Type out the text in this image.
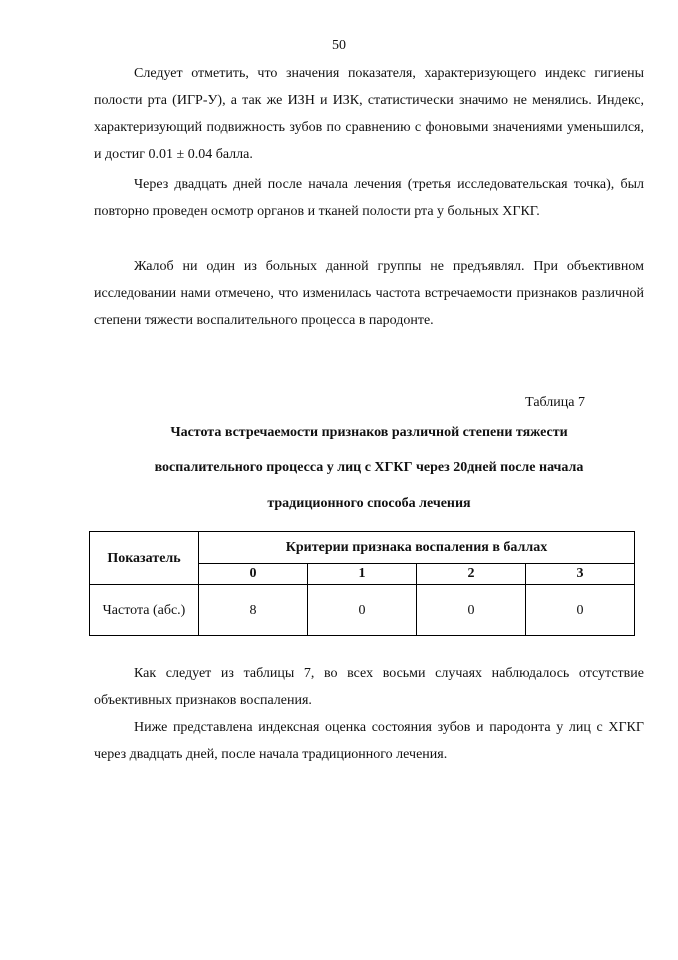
50

Следует отметить, что значения показателя, характеризующего индекс гигиены полости рта (ИГР-У), а так же ИЗН и ИЗК, статистически значимо не менялись. Индекс, характеризующий подвижность зубов по сравнению с фоновыми значениями уменьшился, и достиг 0.01 ± 0.04 балла.

Через двадцать дней после начала лечения (третья исследовательская точка), был повторно проведен осмотр органов и тканей полости рта у больных ХГКГ.

Жалоб ни один из больных данной группы не предъявлял. При объективном исследовании нами отмечено, что изменилась частота встречаемости признаков различной степени тяжести воспалительного процесса в пародонте.

Таблица 7
Частота встречаемости признаков различной степени тяжести
воспалительного процесса у лиц с ХГКГ через 20дней после начала
традиционного способа лечения
Показатель	Критерии признака воспаления в баллах			
	0	1	2	3
Частота (абс.)	8	0	0	0

Как следует из таблицы 7, во всех восьми случаях наблюдалось отсутствие объективных признаков воспаления.

Ниже представлена индексная оценка состояния зубов и пародонта у лиц с ХГКГ через двадцать дней, после начала традиционного лечения.
